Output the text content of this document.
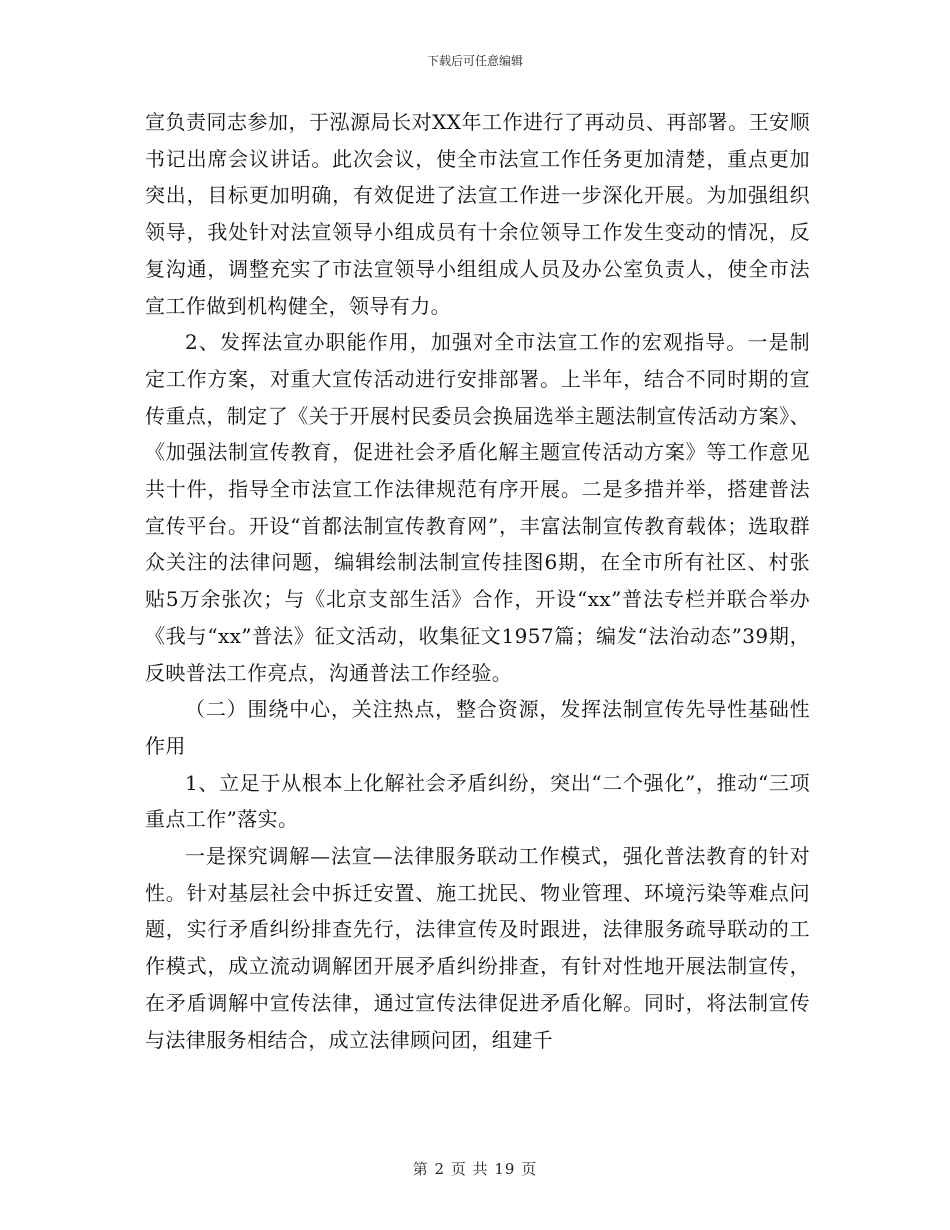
下载后可任意编辑

宣负责同志参加，于泓源局长对XX年工作进行了再动员、再部署。王安顺书记出席会议讲话。此次会议，使全市法宣工作任务更加清楚，重点更加突出，目标更加明确，有效促进了法宣工作进一步深化开展。为加强组织领导，我处针对法宣领导小组成员有十余位领导工作发生变动的情况，反复沟通，调整充实了市法宣领导小组组成人员及办公室负责人，使全市法宣工作做到机构健全，领导有力。

2、发挥法宣办职能作用，加强对全市法宣工作的宏观指导。一是制定工作方案，对重大宣传活动进行安排部署。上半年，结合不同时期的宣传重点，制定了《关于开展村民委员会换届选举主题法制宣传活动方案》、《加强法制宣传教育，促进社会矛盾化解主题宣传活动方案》等工作意见共十件，指导全市法宣工作法律规范有序开展。二是多措并举，搭建普法宣传平台。开设“首都法制宣传教育网”，丰富法制宣传教育载体；选取群众关注的法律问题，编辑绘制法制宣传挂图6期，在全市所有社区、村张贴5万余张次；与《北京支部生活》合作，开设“xx”普法专栏并联合举办《我与“xx”普法》征文活动，收集征文1957篇；编发“法治动态”39期，反映普法工作亮点，沟通普法工作经验。

（二）围绕中心，关注热点，整合资源，发挥法制宣传先导性基础性作用

1、立足于从根本上化解社会矛盾纠纷，突出“二个强化”，推动“三项重点工作”落实。

一是探究调解—法宣—法律服务联动工作模式，强化普法教育的针对性。针对基层社会中拆迁安置、施工扰民、物业管理、环境污染等难点问题，实行矛盾纠纷排查先行，法律宣传及时跟进，法律服务疏导联动的工作模式，成立流动调解团开展矛盾纠纷排查，有针对性地开展法制宣传，在矛盾调解中宣传法律，通过宣传法律促进矛盾化解。同时，将法制宣传与法律服务相结合，成立法律顾问团，组建千

第 2 页 共 19 页
